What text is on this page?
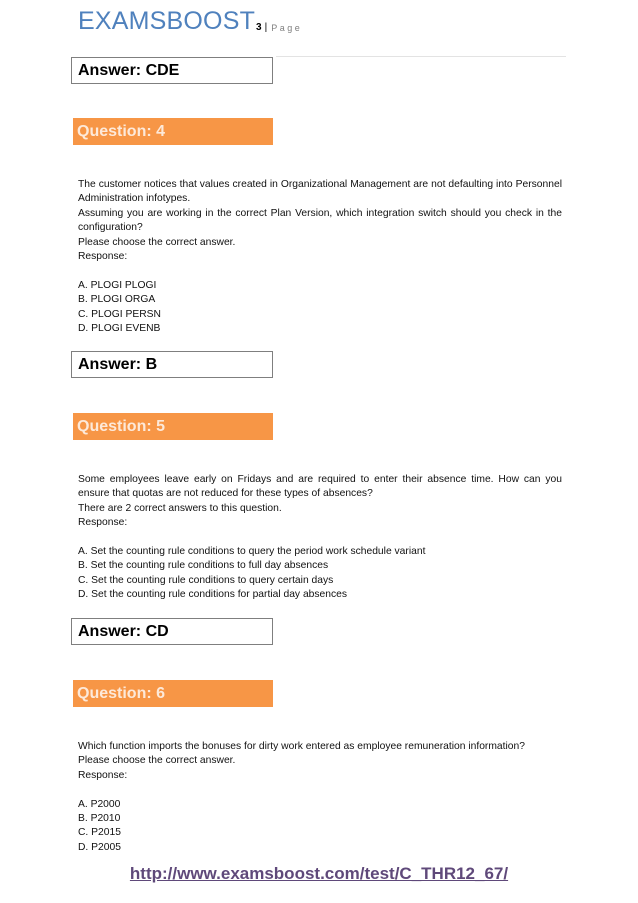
EXAMSBOOST 3 | Page
Answer: CDE
Question: 4

The customer notices that values created in Organizational Management are not defaulting into Personnel Administration infotypes.

Assuming you are working in the correct Plan Version, which integration switch should you check in the configuration?

Please choose the correct answer.

Response:

A. PLOGI PLOGI

B. PLOGI ORGA

C. PLOGI PERSN

D. PLOGI EVENB

Answer: B
Question: 5

Some employees leave early on Fridays and are required to enter their absence time. How can you ensure that quotas are not reduced for these types of absences?

There are 2 correct answers to this question.

Response:

A. Set the counting rule conditions to query the period work schedule variant

B. Set the counting rule conditions to full day absences

C. Set the counting rule conditions to query certain days

D. Set the counting rule conditions for partial day absences

Answer: CD
Question: 6

Which function imports the bonuses for dirty work entered as employee remuneration information?

Please choose the correct answer.

Response:

A. P2000

B. P2010

C. P2015

D. P2005

http://www.examsboost.com/test/C_THR12_67/
